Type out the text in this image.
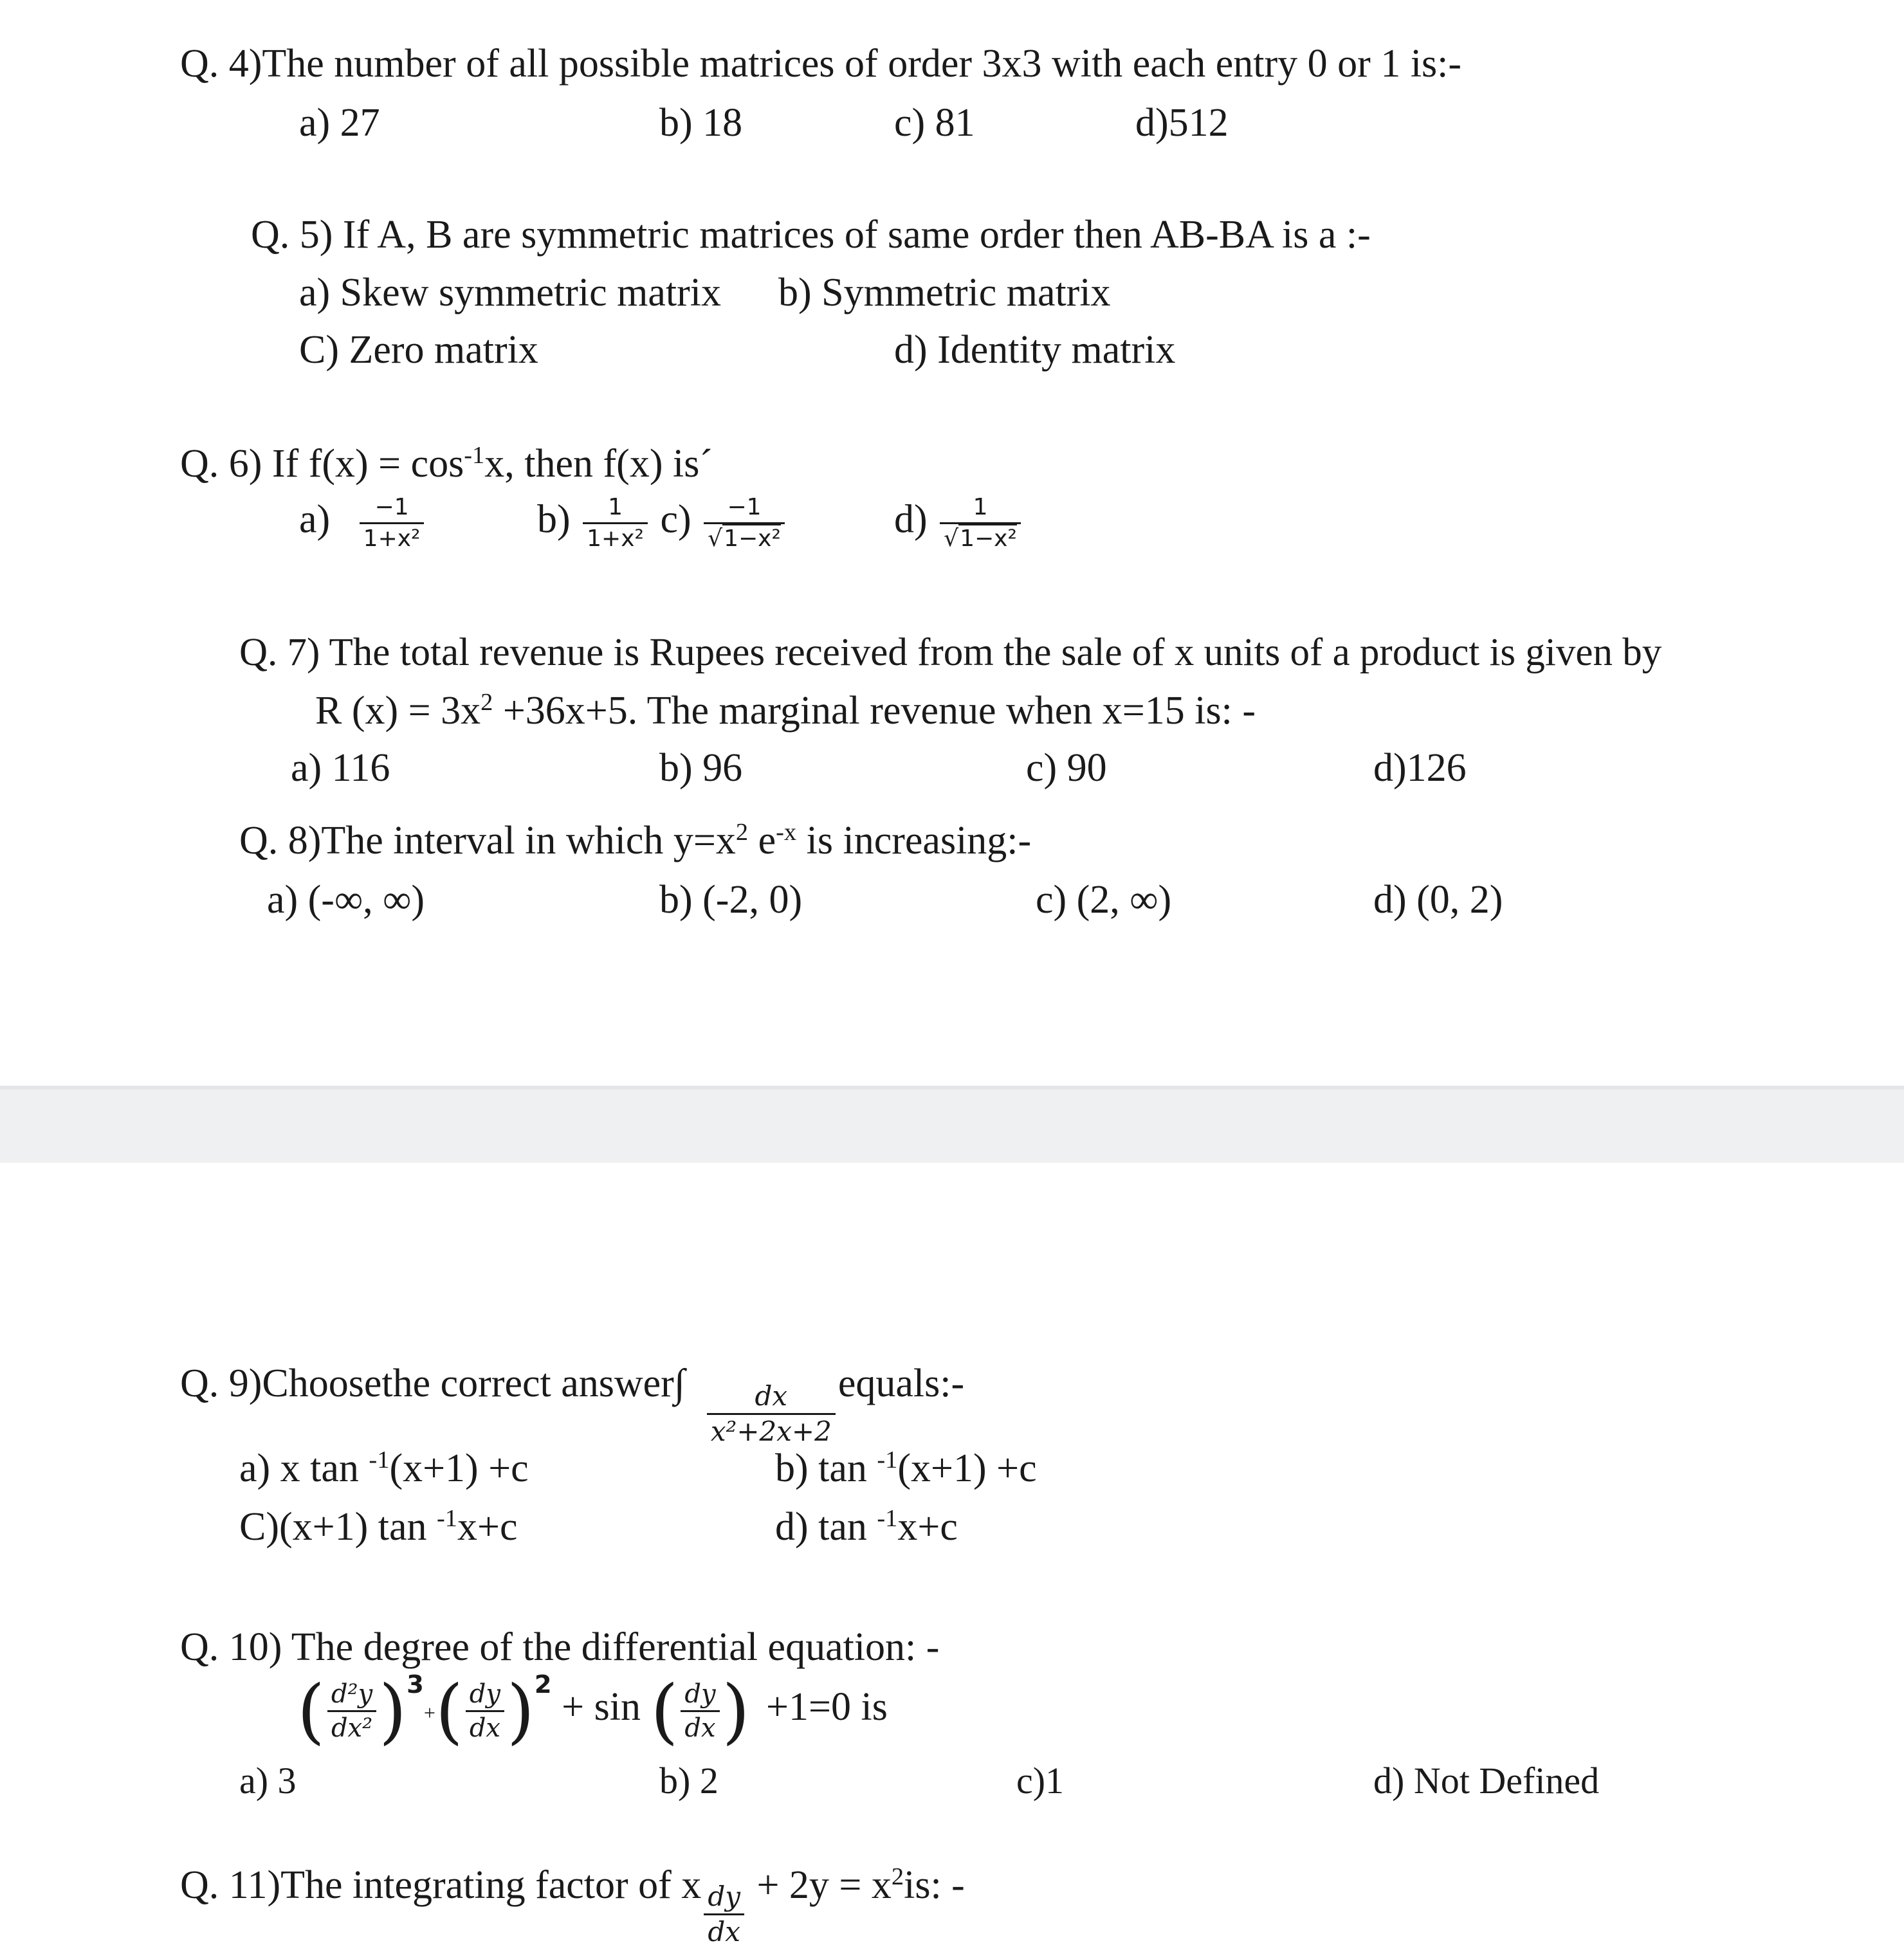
Q. 4)The number of all possible matrices of order 3x3 with each entry 0 or 1 is:-
a) 27	b) 18	c) 81	d)512
Q. 5) If A, B are symmetric matrices of same order then AB-BA is a :-
a) Skew symmetric matrix b) Symmetric matrix
C) Zero matrix	d) Identity matrix
Q. 6) If $f(x) = \cos^{-1}x$, then f(x) is´
$a) \frac{-1}{\text{1+x²}}$	$b) \frac{1}{\text{1+x²}} c) \frac{-1}{\text{√1−x²}}$	$d) \frac{1}{\text{√1−x²}}$
Q. 7) The total revenue is Rupees received from the sale of x units of a product is given by
R $(x) = 3x^2 +36x+5$. The marginal revenue when x=15 is: -
a) 116	b) 96	c) 90	d)126
Q. 8)The interval in which $y=x^2$ $e^{-x}$ is increasing:-
a) (-∞, ∞)	b) (-2, 0)	c) (2, ∞)	d) (0, 2)
Q. 9)Choosethe correct answer∫ $\frac{dx}{\text{x²+2x+2}}$ equals:-
a) x tan $^{-1}$(x+1) +c	b) tan $^{-1}$(x+1) +c
C)(x+1) tan $^{-1}$x+c	d) tan $^{-1}$x+c
Q. 10) The degree of the differential equation: -
( $\frac{\text{d²y}}{\text{dx²}} )^3+( \frac{dy}{dx} )^2 + \sin$ ( $\frac{dy}{dx}$ ) +1=0 is
a) 3	b) 2	c)1	d) Not Defined
Q. 11)The integrating factor of x $\frac{dy}{dx} + 2y = x^2is$: -
